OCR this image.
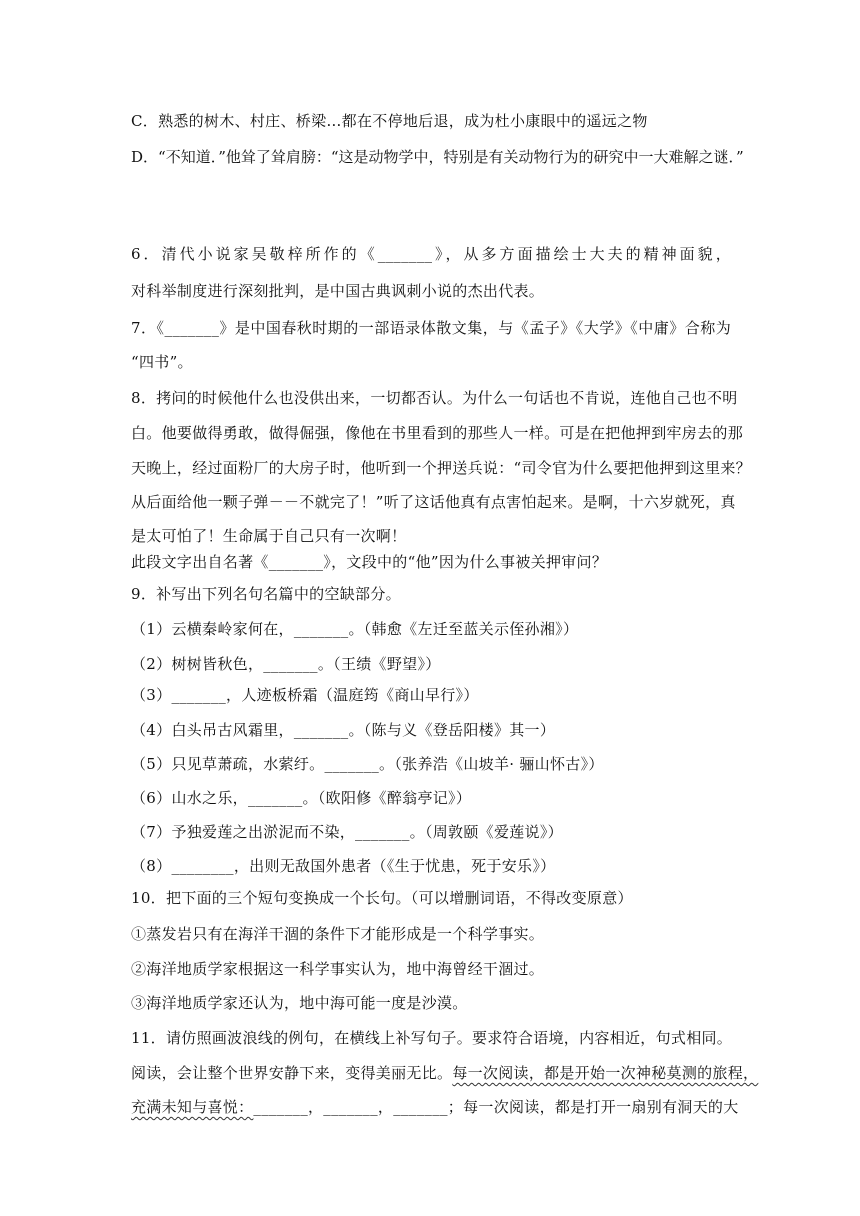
C．熟悉的树木、村庄、桥梁…都在不停地后退，成为杜小康眼中的遥远之物
D．“不知道．”他耸了耸肩膀：“这是动物学中，特别是有关动物行为的研究中一大难解之谜．”
6．清代小说家吴敬梓所作的《_______》，从多方面描绘士大夫的精神面貌，
对科举制度进行深刻批判，是中国古典讽刺小说的杰出代表。
7．《_______》是中国春秋时期的一部语录体散文集，与《孟子》《大学》《中庸》合称为
“四书”。
8．拷问的时候他什么也没供出来，一切都否认。为什么一句话也不肯说，连他自己也不明
白。他要做得勇敢，做得倔强，像他在书里看到的那些人一样。可是在把他押到牢房去的那
天晚上，经过面粉厂的大房子时，他听到一个押送兵说：“司令官为什么要把他押到这里来？
从后面给他一颗子弹－－不就完了！”听了这话他真有点害怕起来。是啊，十六岁就死，真
是太可怕了！生命属于自己只有一次啊！
此段文字出自名著《_______》，文段中的“他”因为什么事被关押审问？
9．补写出下列名句名篇中的空缺部分。
（1）云横秦岭家何在，_______。（韩愈《左迁至蓝关示侄孙湘》）
（2）树树皆秋色，_______。（王绩《野望》）
（3）_______，人迹板桥霜（温庭筠《商山早行》）
（4）白头吊古风霜里，_______。（陈与义《登岳阳楼》其一）
（5）只见草萧疏，水萦纡。_______。（张养浩《山坡羊· 骊山怀古》）
（6）山水之乐，_______。（欧阳修《醉翁亭记》）
（7）予独爱莲之出淤泥而不染，_______。（周敦颐《爱莲说》）
（8）________，出则无敌国外患者（《生于忧患，死于安乐》）
10．把下面的三个短句变换成一个长句。（可以增删词语，不得改变原意）
①蒸发岩只有在海洋干涸的条件下才能形成是一个科学事实。
②海洋地质学家根据这一科学事实认为，地中海曾经干涸过。
③海洋地质学家还认为，地中海可能一度是沙漠。
11．请仿照画波浪线的例句，在横线上补写句子。要求符合语境，内容相近，句式相同。
阅读，会让整个世界安静下来，变得美丽无比。每一次阅读，都是开始一次神秘莫测的旅程，
充满未知与喜悦：_______，_______，_______；每一次阅读，都是打开一扇别有洞天的大
